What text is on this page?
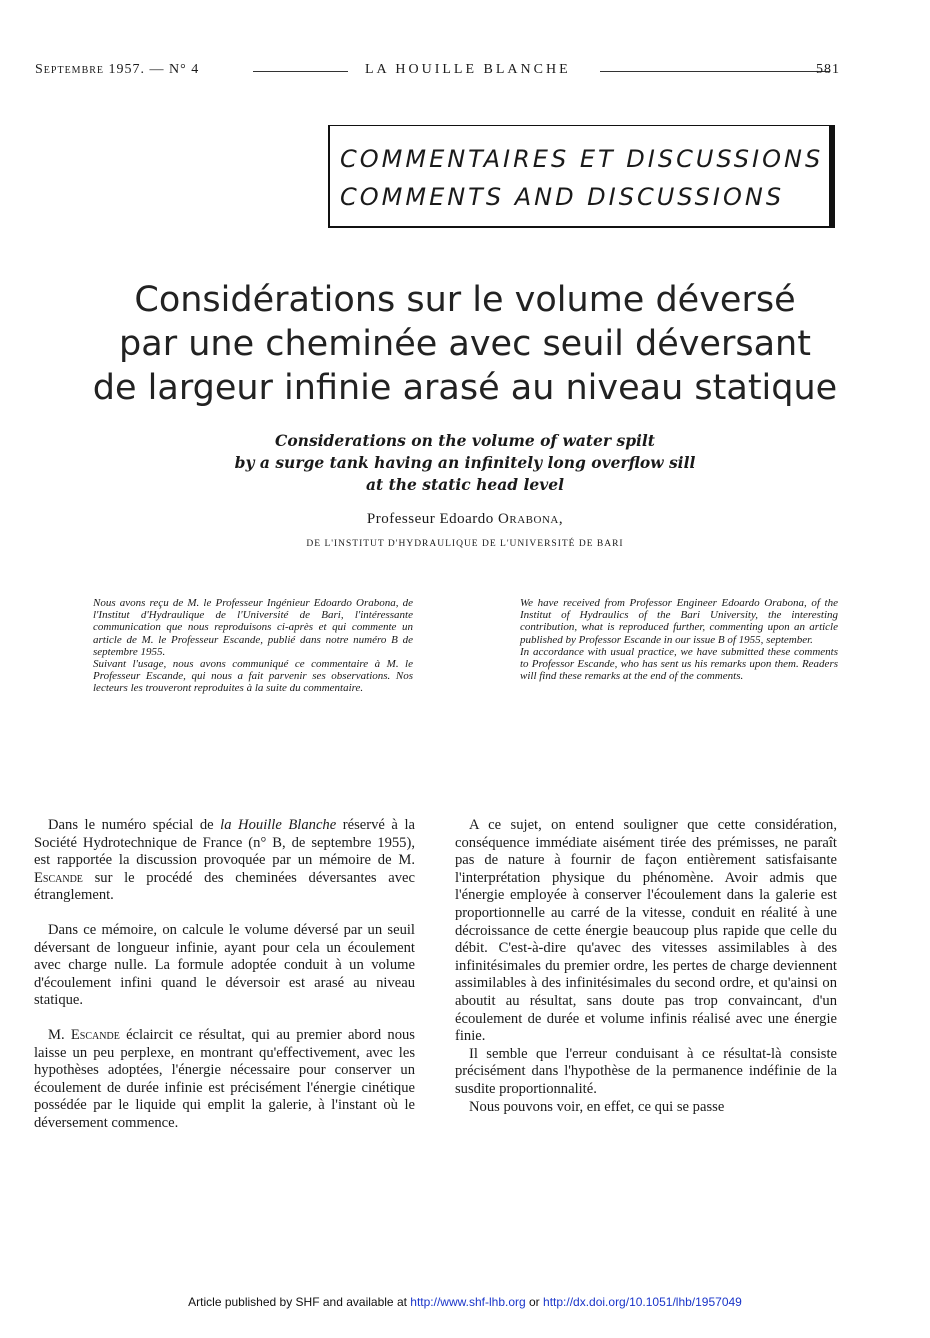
Septembre 1957. — N° 4	LA HOUILLE BLANCHE	581
COMMENTAIRES ET DISCUSSIONS
COMMENTS AND DISCUSSIONS
Considérations sur le volume déversé
par une cheminée avec seuil déversant
de largeur infinie arasé au niveau statique
Considerations on the volume of water spilt
by a surge tank having an infinitely long overflow sill
at the static head level
Professeur Edoardo Orabona,
DE L'INSTITUT D'HYDRAULIQUE DE L'UNIVERSITÉ DE BARI

Nous avons reçu de M. le Professeur Ingénieur Edoardo Orabona, de l'Institut d'Hydraulique de l'Université de Bari, l'intéressante communication que nous reproduisons ci-après et qui commente un article de M. le Professeur Escande, publié dans notre numéro B de septembre 1955.

Suivant l'usage, nous avons communiqué ce commentaire à M. le Professeur Escande, qui nous a fait parvenir ses observations. Nos lecteurs les trouveront reproduites à la suite du commentaire.

We have received from Professor Engineer Edoardo Orabona, of the Institut of Hydraulics of the Bari University, the interesting contribution, what is reproduced further, commenting upon an article published by Professor Escande in our issue B of 1955, september.

In accordance with usual practice, we have submitted these comments to Professor Escande, who has sent us his remarks upon them. Readers will find these remarks at the end of the comments.

Dans le numéro spécial de la Houille Blanche réservé à la Société Hydrotechnique de France (n° B, de septembre 1955), est rapportée la discussion provoquée par un mémoire de M. Escande sur le procédé des cheminées déversantes avec étranglement.

Dans ce mémoire, on calcule le volume déversé par un seuil déversant de longueur infinie, ayant pour cela un écoulement avec charge nulle. La formule adoptée conduit à un volume d'écoulement infini quand le déversoir est arasé au niveau statique.

M. Escande éclaircit ce résultat, qui au premier abord nous laisse un peu perplexe, en montrant qu'effectivement, avec les hypothèses adoptées, l'énergie nécessaire pour conserver un écoulement de durée infinie est précisément l'énergie cinétique possédée par le liquide qui emplit la galerie, à l'instant où le déversement commence.

A ce sujet, on entend souligner que cette considération, conséquence immédiate aisément tirée des prémisses, ne paraît pas de nature à fournir de façon entièrement satisfaisante l'interprétation physique du phénomène. Avoir admis que l'énergie employée à conserver l'écoulement dans la galerie est proportionnelle au carré de la vitesse, conduit en réalité à une décroissance de cette énergie beaucoup plus rapide que celle du débit. C'est-à-dire qu'avec des vitesses assimilables à des infinitésimales du premier ordre, les pertes de charge deviennent assimilables à des infinitésimales du second ordre, et qu'ainsi on aboutit au résultat, sans doute pas trop convaincant, d'un écoulement de durée et volume infinis réalisé avec une énergie finie.

Il semble que l'erreur conduisant à ce résultat-là consiste précisément dans l'hypothèse de la permanence indéfinie de la susdite proportionnalité.

Nous pouvons voir, en effet, ce qui se passe

Article published by SHF and available at http://www.shf-lhb.org or http://dx.doi.org/10.1051/lhb/1957049
